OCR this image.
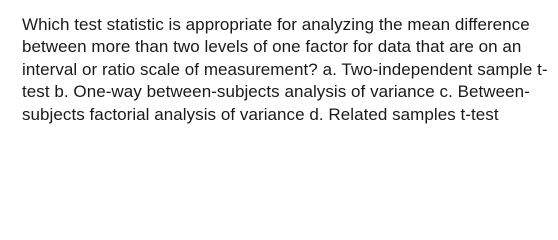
Which test statistic is appropriate for analyzing the mean difference between more than two levels of one factor for data that are on an interval or ratio scale of measurement? a. Two-independent sample t-test b. One-way between-subjects analysis of variance c. Between-subjects factorial analysis of variance d. Related samples t-test
